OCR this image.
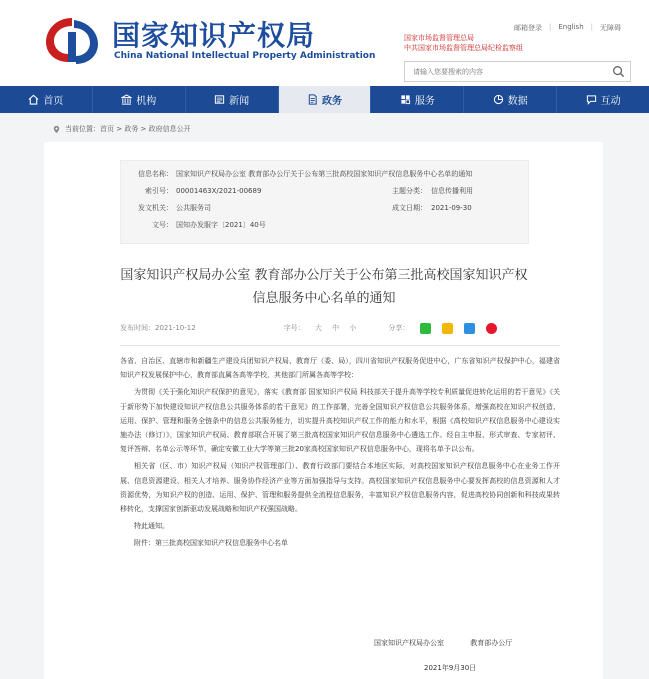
国家知识产权局
China National Intellectual Property Administration
邮箱登录 | English | 无障碍
国家市场监督管理总局
中共国家市场监督管理总局纪检监察组
请输入您要搜索的内容
首页	机构	新闻	政务	服务	数据	互动
当前位置：首页 > 政务 > 政府信息公开
信息名称： 国家知识产权局办公室 教育部办公厅关于公布第三批高校国家知识产权信息服务中心名单的通知
索引号： 00001463X/2021-00689	主题分类： 信息传播利用
发文机关： 公共服务司	成文日期： 2021-09-30
文号： 国知办发服字〔2021〕40号
国家知识产权局办公室 教育部办公厅关于公布第三批高校国家知识产权
信息服务中心名单的通知
发布时间：2021-10-12	字号： 大 中 小	分享：

各省、自治区、直辖市和新疆生产建设兵团知识产权局、教育厅（委、局），四川省知识产权服务促进中心，广东省知识产权保护中心，福建省知识产权发展保护中心，教育部直属各高等学校，其他部门所属各高等学校：

为贯彻《关于强化知识产权保护的意见》，落实《教育部 国家知识产权局 科技部关于提升高等学校专利质量促进转化运用的若干意见》《关于新形势下加快建设知识产权信息公共服务体系的若干意见》的工作部署，完善全国知识产权信息公共服务体系，增强高校在知识产权创造、运用、保护、管理和服务全链条中的信息公共服务能力，切实提升高校知识产权工作的能力和水平，根据《高校知识产权信息服务中心建设实施办法（修订）》，国家知识产权局、教育部联合开展了第三批高校国家知识产权信息服务中心遴选工作。经自主申报、形式审查、专家初评、复评答辩、名单公示等环节，确定安徽工业大学等第三批20家高校国家知识产权信息服务中心，现将名单予以公布。

相关省（区、市）知识产权局（知识产权管理部门）、教育行政部门要结合本地区实际，对高校国家知识产权信息服务中心在业务工作开展、信息资源建设、相关人才培养、服务协作经济产业等方面加强指导与支持。高校国家知识产权信息服务中心要发挥高校的信息资源和人才资源优势，为知识产权的创造、运用、保护、管理和服务提供全流程信息服务，丰富知识产权信息服务内容，促进高校协同创新和科技成果转移转化，支撑国家创新驱动发展战略和知识产权强国战略。

特此通知。

附件：第三批高校国家知识产权信息服务中心名单

国家知识产权局办公室	教育部办公厅
2021年9月30日
